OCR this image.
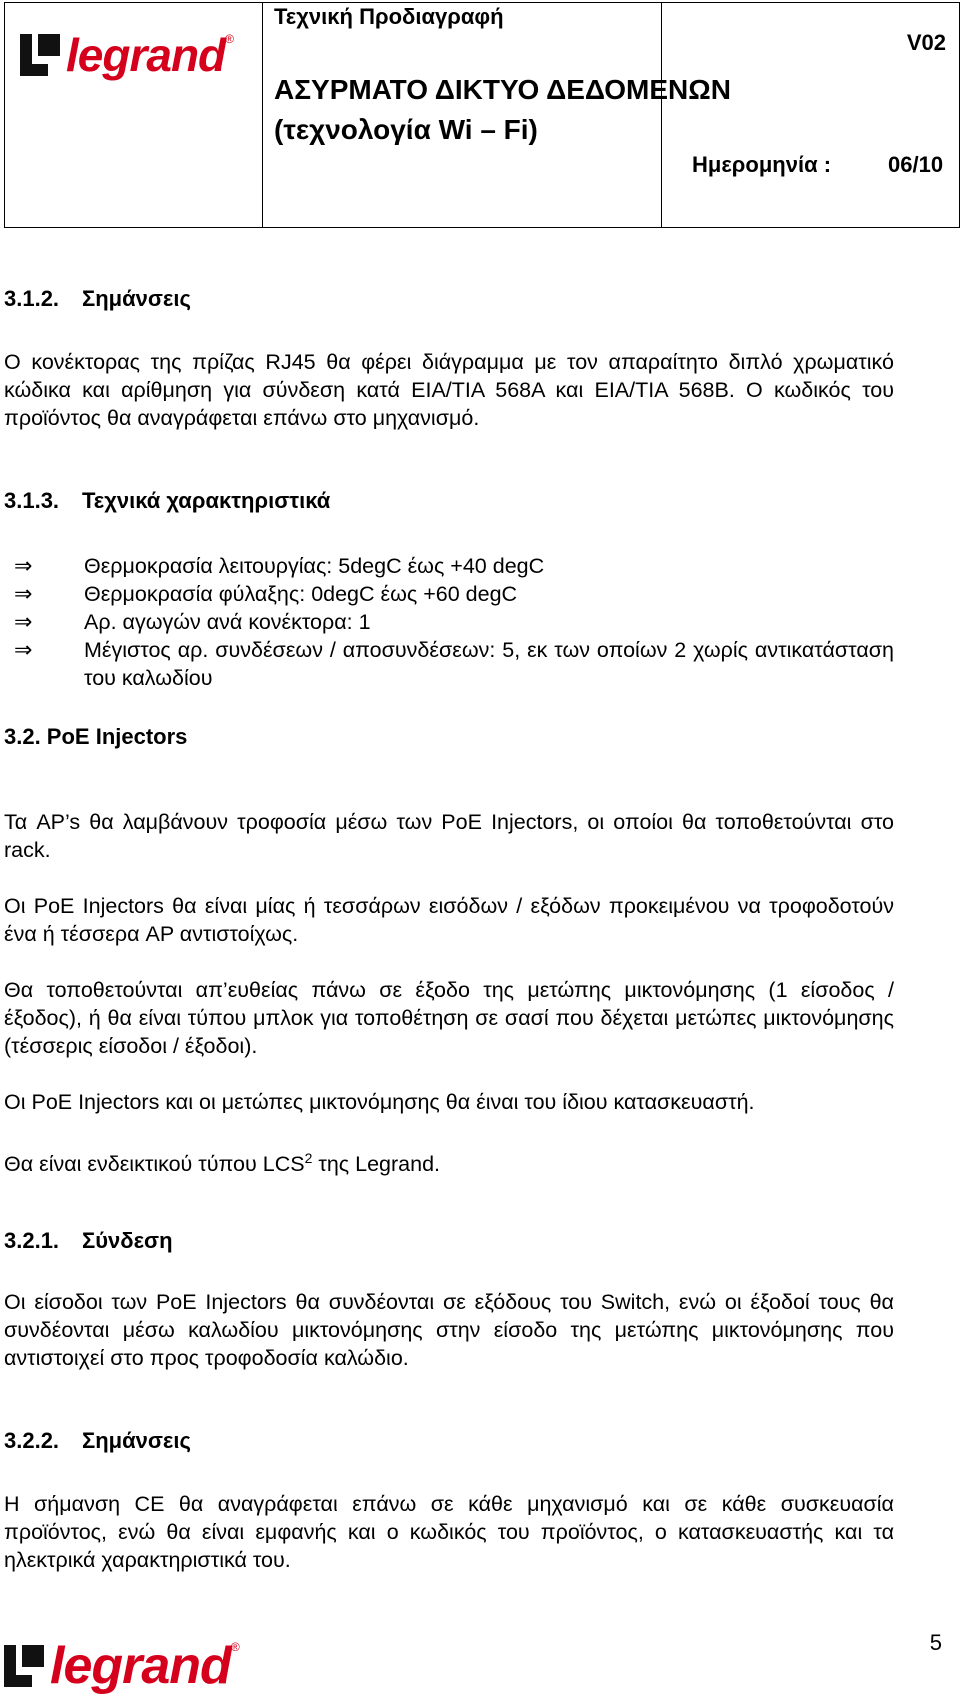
legrand ®
Τεχνική Προδιαγραφή
V02
ΑΣΥΡΜΑΤΟ ΔΙΚΤΥΟ ΔΕΔΟΜΕΝΩΝ
(τεχνολογία Wi – Fi)
Ημερομηνία :	06/10
3.1.2. Σημάνσεις

Ο κονέκτορας της πρίζας RJ45 θα φέρει διάγραμμα με τον απαραίτητο διπλό χρωματικό κώδικα και αρίθμηση για σύνδεση κατά EIA/TIA 568A και EIA/TIA 568B. Ο κωδικός του προϊόντος θα αναγράφεται επάνω στο μηχανισμό.

3.1.3. Τεχνικά χαρακτηριστικά
⇒	Θερμοκρασία λειτουργίας: 5degC έως +40 degC
⇒	Θερμοκρασία φύλαξης: 0degC έως +60 degC
⇒	Αρ. αγωγών ανά κονέκτορα: 1
⇒	Μέγιστος αρ. συνδέσεων / αποσυνδέσεων: 5, εκ των οποίων 2 χωρίς αντικατάσταση του καλωδίου
3.2. PoE Injectors
Τα AP’s θα λαμβάνουν τροφοσία μέσω των PoE Injectors, οι οποίοι θα τοποθετούνται στο rack.
Οι PoE Injectors θα είναι μίας ή τεσσάρων εισόδων / εξόδων προκειμένου να τροφοδοτούν ένα ή τέσσερα AP αντιστοίχως.
Θα τοποθετούνται απ’ευθείας πάνω σε έξοδο της μετώπης μικτονόμησης (1 είσοδος / έξοδος), ή θα είναι τύπου μπλοκ για τοποθέτηση σε σασί που δέχεται μετώπες μικτονόμησης (τέσσερις είσοδοι / έξοδοι).
Οι PoE Injectors και οι μετώπες μικτονόμησης θα έιναι του ίδιου κατασκευαστή.
Θα είναι ενδεικτικού τύπου LCS$^2$ της Legrand.
3.2.1. Σύνδεση
Οι είσοδοι των PoE Injectors θα συνδέονται σε εξόδους του Switch, ενώ οι έξοδοί τους θα συνδέονται μέσω καλωδίου μικτονόμησης στην είσοδο της μετώπης μικτονόμησης που αντιστοιχεί στο προς τροφοδοσία καλώδιο.
3.2.2. Σημάνσεις
Η σήμανση CE θα αναγράφεται επάνω σε κάθε μηχανισμό και σε κάθε συσκευασία προϊόντος, ενώ θα είναι εμφανής και ο κωδικός του προϊόντος, ο κατασκευαστής και τα ηλεκτρικά χαρακτηριστικά του.
legrand ®	5
